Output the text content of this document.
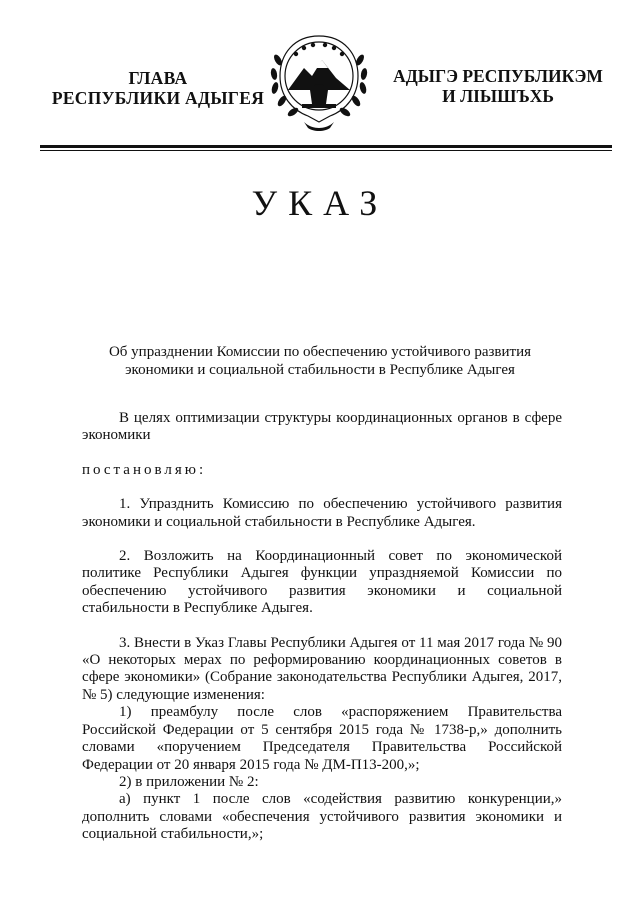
ГЛАВА
РЕСПУБЛИКИ АДЫГЕЯ
АДЫГЭ РЕСПУБЛИКЭМ
И ЛІЫШЪХЬ
УКАЗ
Об упразднении Комиссии по обеспечению устойчивого развития
экономики и социальной стабильности в Республике Адыгея

В целях оптимизации структуры координационных органов в сфере экономики

постановляю:

1. Упразднить Комиссию по обеспечению устойчивого развития экономики и социальной стабильности в Республике Адыгея.

2. Возложить на Координационный совет по экономической политике Республики Адыгея функции упраздняемой Комиссии по обеспечению устойчивого развития экономики и социальной стабильности в Республике Адыгея.

3. Внести в Указ Главы Республики Адыгея от 11 мая 2017 года № 90 «О некоторых мерах по реформированию координационных советов в сфере экономики» (Собрание законодательства Республики Адыгея, 2017, № 5) следующие изменения:

1) преамбулу после слов «распоряжением Правительства Российской Федерации от 5 сентября 2015 года № 1738-р,» дополнить словами «поручением Председателя Правительства Российской Федерации от 20 января 2015 года № ДМ-П13-200,»;

2) в приложении № 2:

а) пункт 1 после слов «содействия развитию конкуренции,» дополнить словами «обеспечения устойчивого развития экономики и социальной стабильности,»;
